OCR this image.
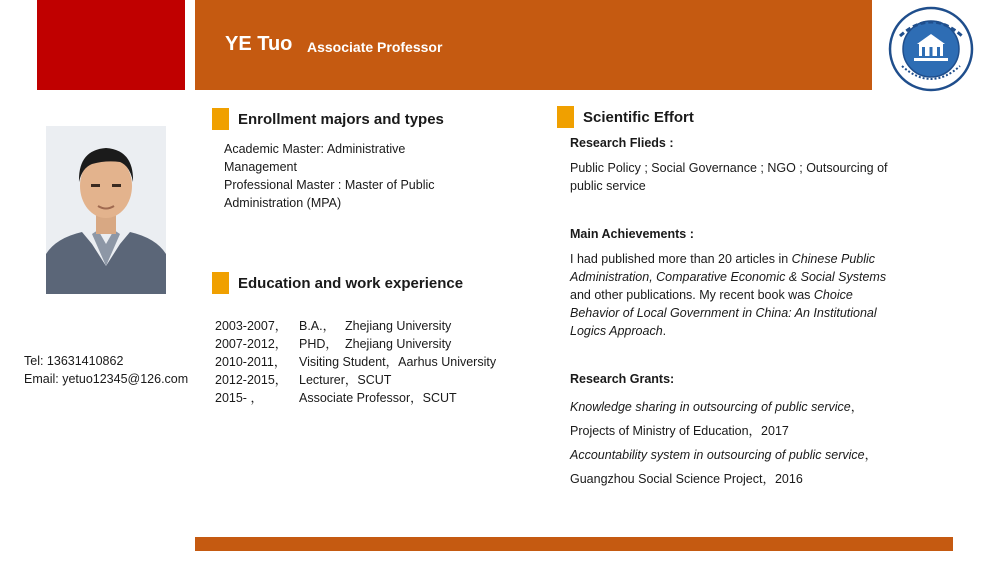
YE Tuo Associate Professor
Tel: 13631410862
Email: yetuo12345@126.com
Enrollment majors and types
Academic Master: Administrative
Management
Professional Master : Master of Public
Administration (MPA)
Education and work experience
2003-2007， B.A.， Zhejiang University
2007-2012， PHD， Zhejiang University
2010-2011， Visiting Student，Aarhus University
2012-2015， Lecturer，SCUT
2015- ，	Associate Professor，SCUT
Scientific Effort
Research Flieds :
Public Policy ; Social Governance ; NGO ; Outsourcing of
public service
Main Achievements :
I had published more than 20 articles in Chinese Public
Administration, Comparative Economic & Social Systems
and other publications. My recent book was Choice
Behavior of Local Government in China: An Institutional
Logics Approach.
Research Grants:
Knowledge sharing in outsourcing of public service，
Projects of Ministry of Education，2017
Accountability system in outsourcing of public service，
Guangzhou Social Science Project，2016
